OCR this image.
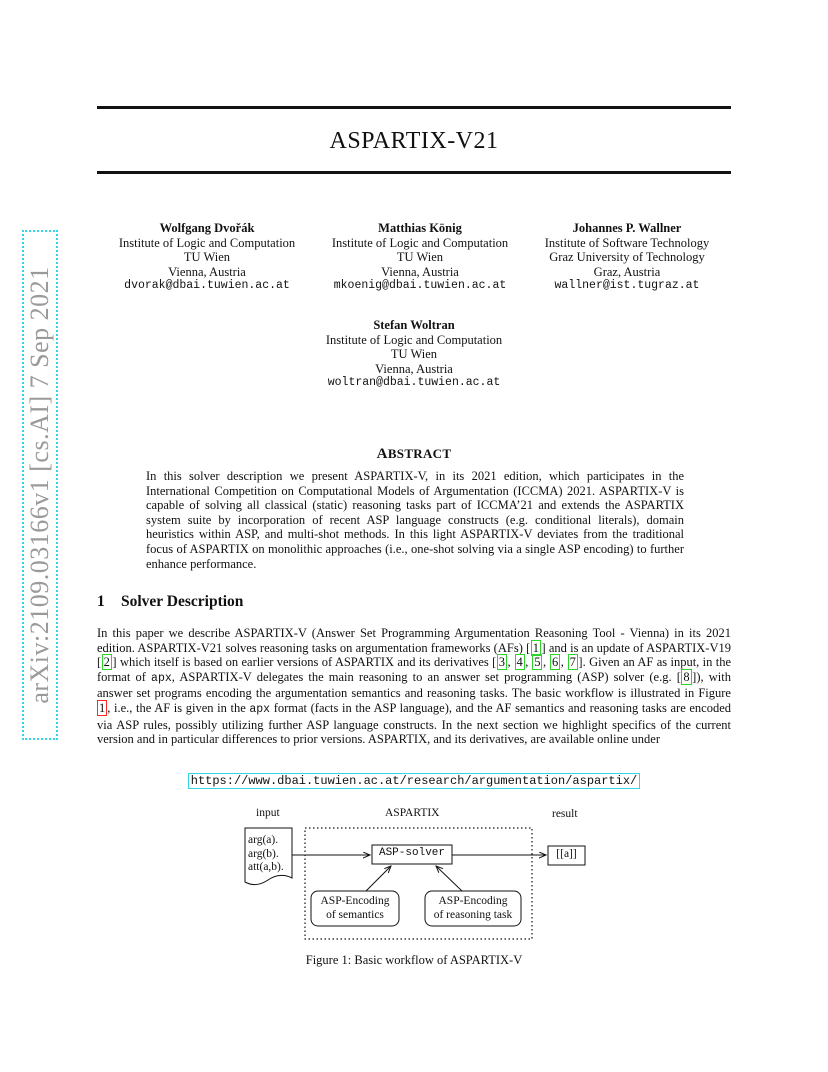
arXiv:2109.03166v1 [cs.AI] 7 Sep 2021
ASPARTIX-V21
Wolfgang Dvořák
Institute of Logic and Computation
TU Wien
Vienna, Austria
dvorak@dbai.tuwien.ac.at
Matthias König
Institute of Logic and Computation
TU Wien
Vienna, Austria
mkoenig@dbai.tuwien.ac.at
Johannes P. Wallner
Institute of Software Technology
Graz University of Technology
Graz, Austria
wallner@ist.tugraz.at
Stefan Woltran
Institute of Logic and Computation
TU Wien
Vienna, Austria
woltran@dbai.tuwien.ac.at
ABSTRACT
In this solver description we present ASPARTIX-V, in its 2021 edition, which participates in the International Competition on Computational Models of Argumentation (ICCMA) 2021. ASPARTIX-V is capable of solving all classical (static) reasoning tasks part of ICCMA’21 and extends the ASPARTIX system suite by incorporation of recent ASP language constructs (e.g. conditional literals), domain heuristics within ASP, and multi-shot methods. In this light ASPARTIX-V deviates from the traditional focus of ASPARTIX on monolithic approaches (i.e., one-shot solving via a single ASP encoding) to further enhance performance.
1 Solver Description
In this paper we describe ASPARTIX-V (Answer Set Programming Argumentation Reasoning Tool - Vienna) in its 2021 edition. ASPARTIX-V21 solves reasoning tasks on argumentation frameworks (AFs) [ 1 ] and is an update of ASPARTIX-V19 [ 2 ] which itself is based on earlier versions of ASPARTIX and its derivatives [ 3 , 4 , 5 , 6 , 7 ]. Given an AF as input, in the format of apx, ASPARTIX-V delegates the main reasoning to an answer set programming (ASP) solver (e.g. [ 8 ]), with answer set programs encoding the argumentation semantics and reasoning tasks. The basic workflow is illustrated in Figure 1 , i.e., the AF is given in the apx format (facts in the ASP language), and the AF semantics and reasoning tasks are encoded via ASP rules, possibly utilizing further ASP language constructs. In the next section we highlight specifics of the current version and in particular differences to prior versions. ASPARTIX, and its derivatives, are available online under
https://www.dbai.tuwien.ac.at/research/argumentation/aspartix/
input	ASPARTIX	result
arg(a).
arg(b).
att(a,b).
ASP-solver
ASP-Encoding
of semantics
ASP-Encoding
of reasoning task
[[a]]
Figure 1: Basic workflow of ASPARTIX-V
